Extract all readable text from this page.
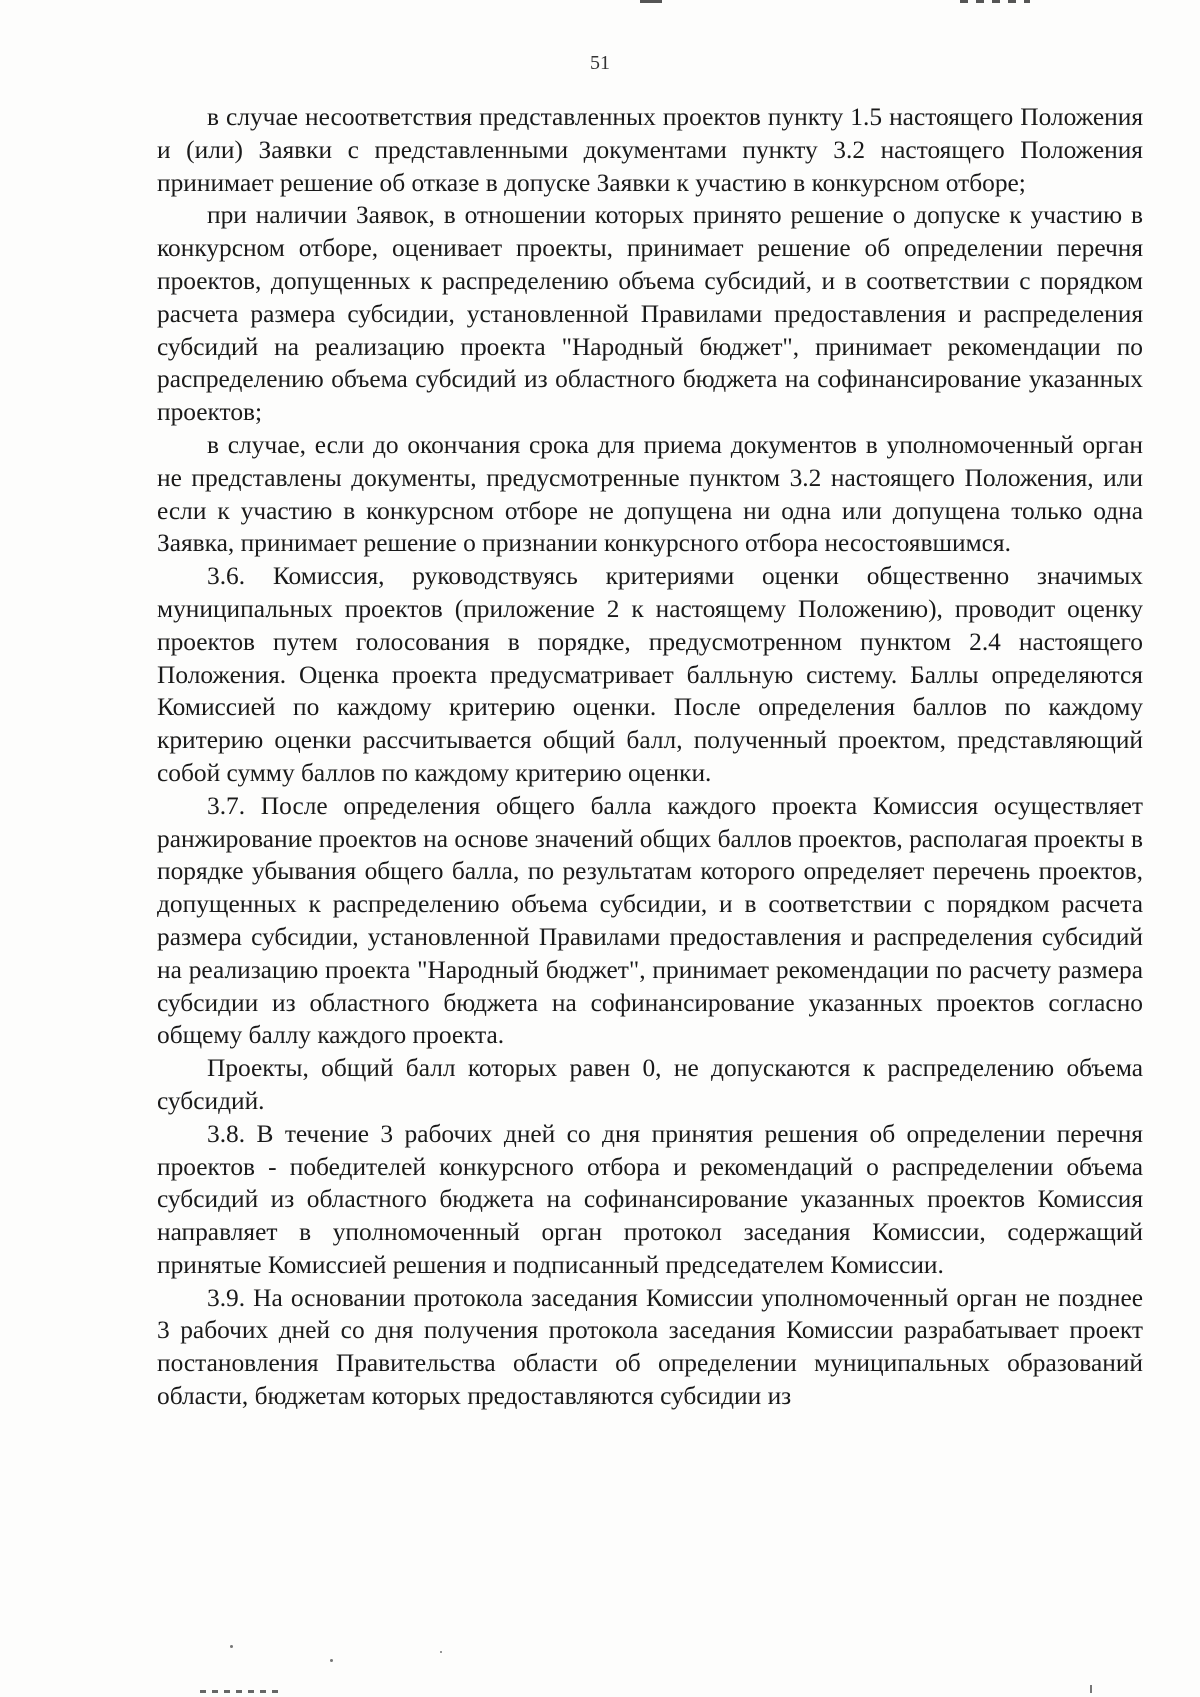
51

в случае несоответствия представленных проектов пункту 1.5 настоящего Положения и (или) Заявки с представленными документами пункту 3.2 настоящего Положения принимает решение об отказе в допуске Заявки к участию в конкурсном отборе;

при наличии Заявок, в отношении которых принято решение о допуске к участию в конкурсном отборе, оценивает проекты, принимает решение об определении перечня проектов, допущенных к распределению объема субсидий, и в соответствии с порядком расчета размера субсидии, установленной Правилами предоставления и распределения субсидий на реализацию проекта "Народный бюджет", принимает рекомендации по распределению объема субсидий из областного бюджета на софинансирование указанных проектов;

в случае, если до окончания срока для приема документов в уполномоченный орган не представлены документы, предусмотренные пунктом 3.2 настоящего Положения, или если к участию в конкурсном отборе не допущена ни одна или допущена только одна Заявка, принимает решение о признании конкурсного отбора несостоявшимся.

3.6. Комиссия, руководствуясь критериями оценки общественно значимых муниципальных проектов (приложение 2 к настоящему Положению), проводит оценку проектов путем голосования в порядке, предусмотренном пунктом 2.4 настоящего Положения. Оценка проекта предусматривает балльную систему. Баллы определяются Комиссией по каждому критерию оценки. После определения баллов по каждому критерию оценки рассчитывается общий балл, полученный проектом, представляющий собой сумму баллов по каждому критерию оценки.

3.7. После определения общего балла каждого проекта Комиссия осуществляет ранжирование проектов на основе значений общих баллов проектов, располагая проекты в порядке убывания общего балла, по результатам которого определяет перечень проектов, допущенных к распределению объема субсидии, и в соответствии с порядком расчета размера субсидии, установленной Правилами предоставления и распределения субсидий на реализацию проекта "Народный бюджет", принимает рекомендации по расчету размера субсидии из областного бюджета на софинансирование указанных проектов согласно общему баллу каждого проекта.

Проекты, общий балл которых равен 0, не допускаются к распределению объема субсидий.

3.8. В течение 3 рабочих дней со дня принятия решения об определении перечня проектов - победителей конкурсного отбора и рекомендаций о распределении объема субсидий из областного бюджета на софинансирование указанных проектов Комиссия направляет в уполномоченный орган протокол заседания Комиссии, содержащий принятые Комиссией решения и подписанный председателем Комиссии.

3.9. На основании протокола заседания Комиссии уполномоченный орган не позднее 3 рабочих дней со дня получения протокола заседания Комиссии разрабатывает проект постановления Правительства области об определении муниципальных образований области, бюджетам которых предоставляются субсидии из
